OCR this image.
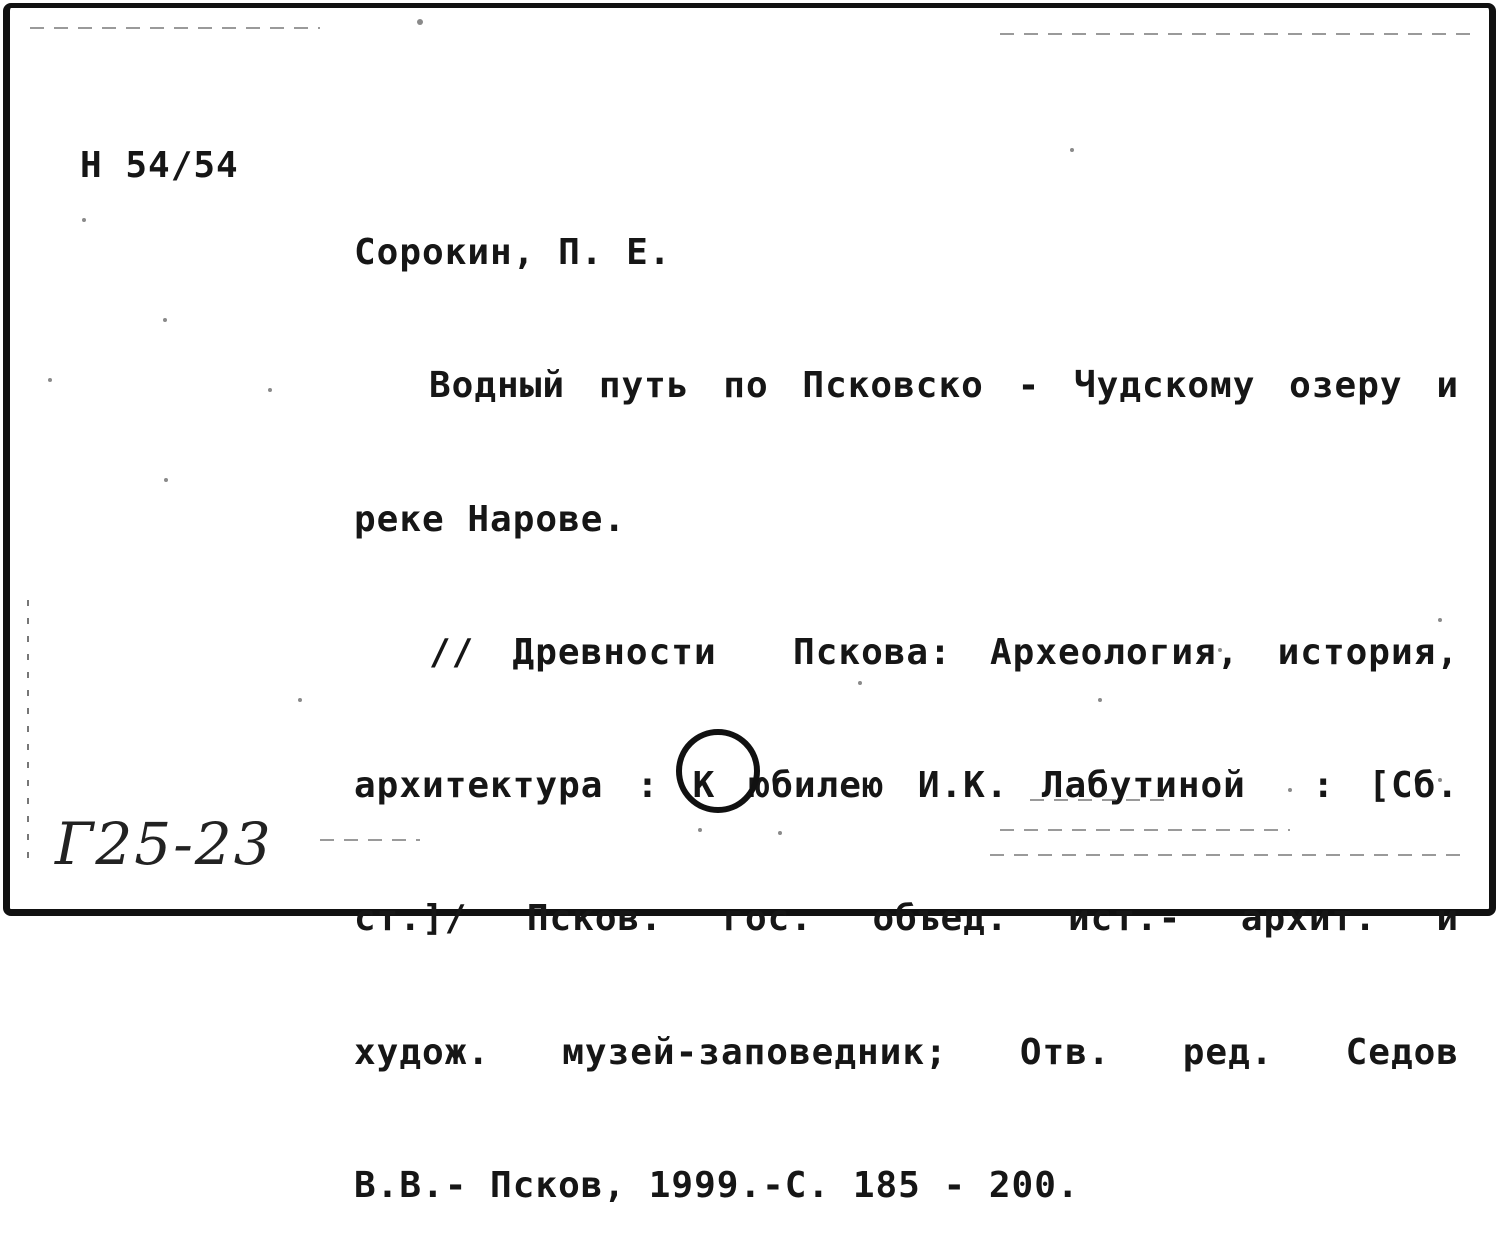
Н 54/54

Сорокин, П. Е.

Водный путь по Псковско - Чудскому озеру и

реке Нарове.

// Древности  Пскова: Археология, история,

архитектура : К юбилею И.К. Лабутиной  : [Сб.

ст.]/ Псков. гос. объед. ист.- архит. и

худож. музей-заповедник; Отв. ред. Седов

В.В.- Псков, 1999.-С. 185 - 200.

Г25-23
